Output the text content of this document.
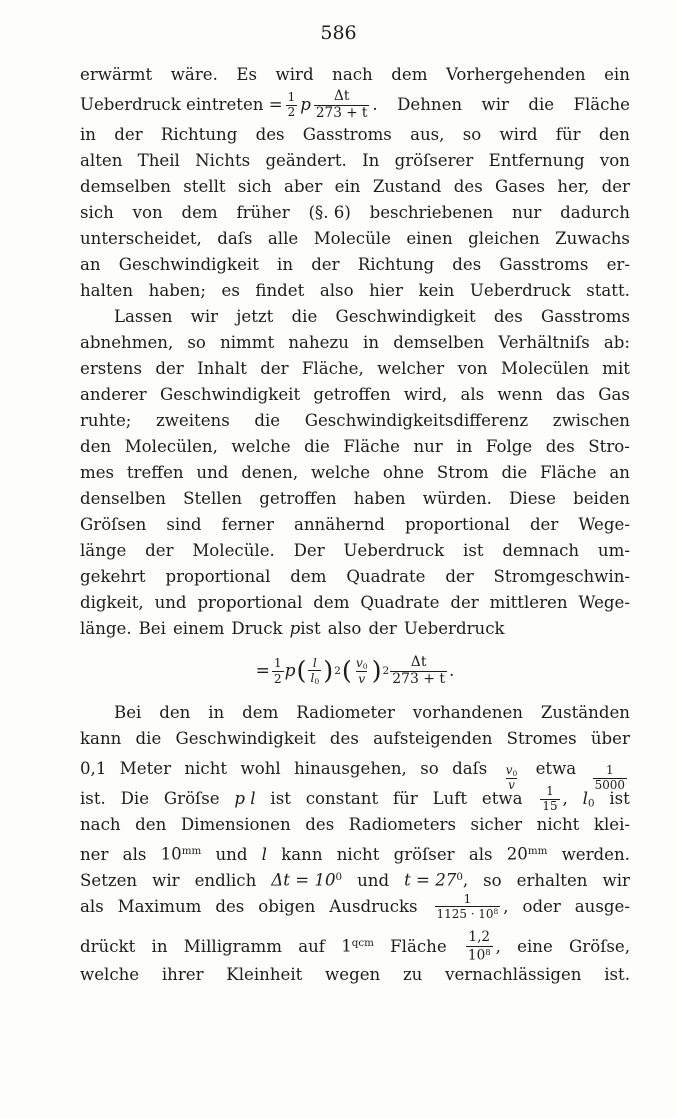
586
erwärmt wäre. Es wird nach dem Vorhergehenden ein
Ueberdruck eintreten = $\frac{1}{2}$ p $\frac{\Delta t}{273 + t}$ . Dehnen wir die Fläche
in der Richtung des Gasstroms aus, so wird für den
alten Theil Nichts geändert. In gröſserer Entfernung von
demselben stellt sich aber ein Zustand des Gases her, der
sich von dem früher (§. 6) beschriebenen nur dadurch
unterscheidet, daſs alle Molecüle einen gleichen Zuwachs
an Geschwindigkeit in der Richtung des Gasstroms er-
halten haben; es findet also hier kein Ueberdruck statt.
Lassen wir jetzt die Geschwindigkeit des Gasstroms
abnehmen, so nimmt nahezu in demselben Verhältniſs ab:
erstens der Inhalt der Fläche, welcher von Molecülen mit
anderer Geschwindigkeit getroffen wird, als wenn das Gas
ruhte; zweitens die Geschwindigkeitsdifferenz zwischen
den Molecülen, welche die Fläche nur in Folge des Stro-
mes treffen und denen, welche ohne Strom die Fläche an
denselben Stellen getroffen haben würden. Diese beiden
Gröſsen sind ferner annähernd proportional der Wege-
länge der Molecüle. Der Ueberdruck ist demnach um-
gekehrt proportional dem Quadrate der Stromgeschwin-
digkeit, und proportional dem Quadrate der mittleren Wege-
länge. Bei einem Druck p ist also der Ueberdruck
= $\frac{1}{2}$ p ( $\frac{l}{l_0}$ ) 2 ( $\frac{v_0}{v}$ ) $2 \frac{\Delta t}{273 + t}$ .
Bei den in dem Radiometer vorhandenen Zuständen
kann die Geschwindigkeit des aufsteigenden Stromes über
0,1 Meter nicht wohl hinausgehen, so daſs $\frac{v_0}{v}$ etwa $\frac{1}{5000}$
ist. Die Gröſse p l ist constant für Luft etwa $\frac{1}{15}$ , $l_0$ ist
nach den Dimensionen des Radiometers sicher nicht klei-
ner als $10^{mm}$ und l kann nicht gröſser als $20^{mm}$ werden.
Setzen wir endlich $\Delta t = 10^0$ und $t = 27^0$, so erhalten wir
als Maximum des obigen Ausdrucks $\frac{1}{1125 \cdot 10^8}$ , oder ausge-
drückt in Milligramm auf $1^{qcm}$ Fläche $\frac{1,2}{10^8}$ , eine Gröſse,
welche ihrer Kleinheit wegen zu vernachlässigen ist.
